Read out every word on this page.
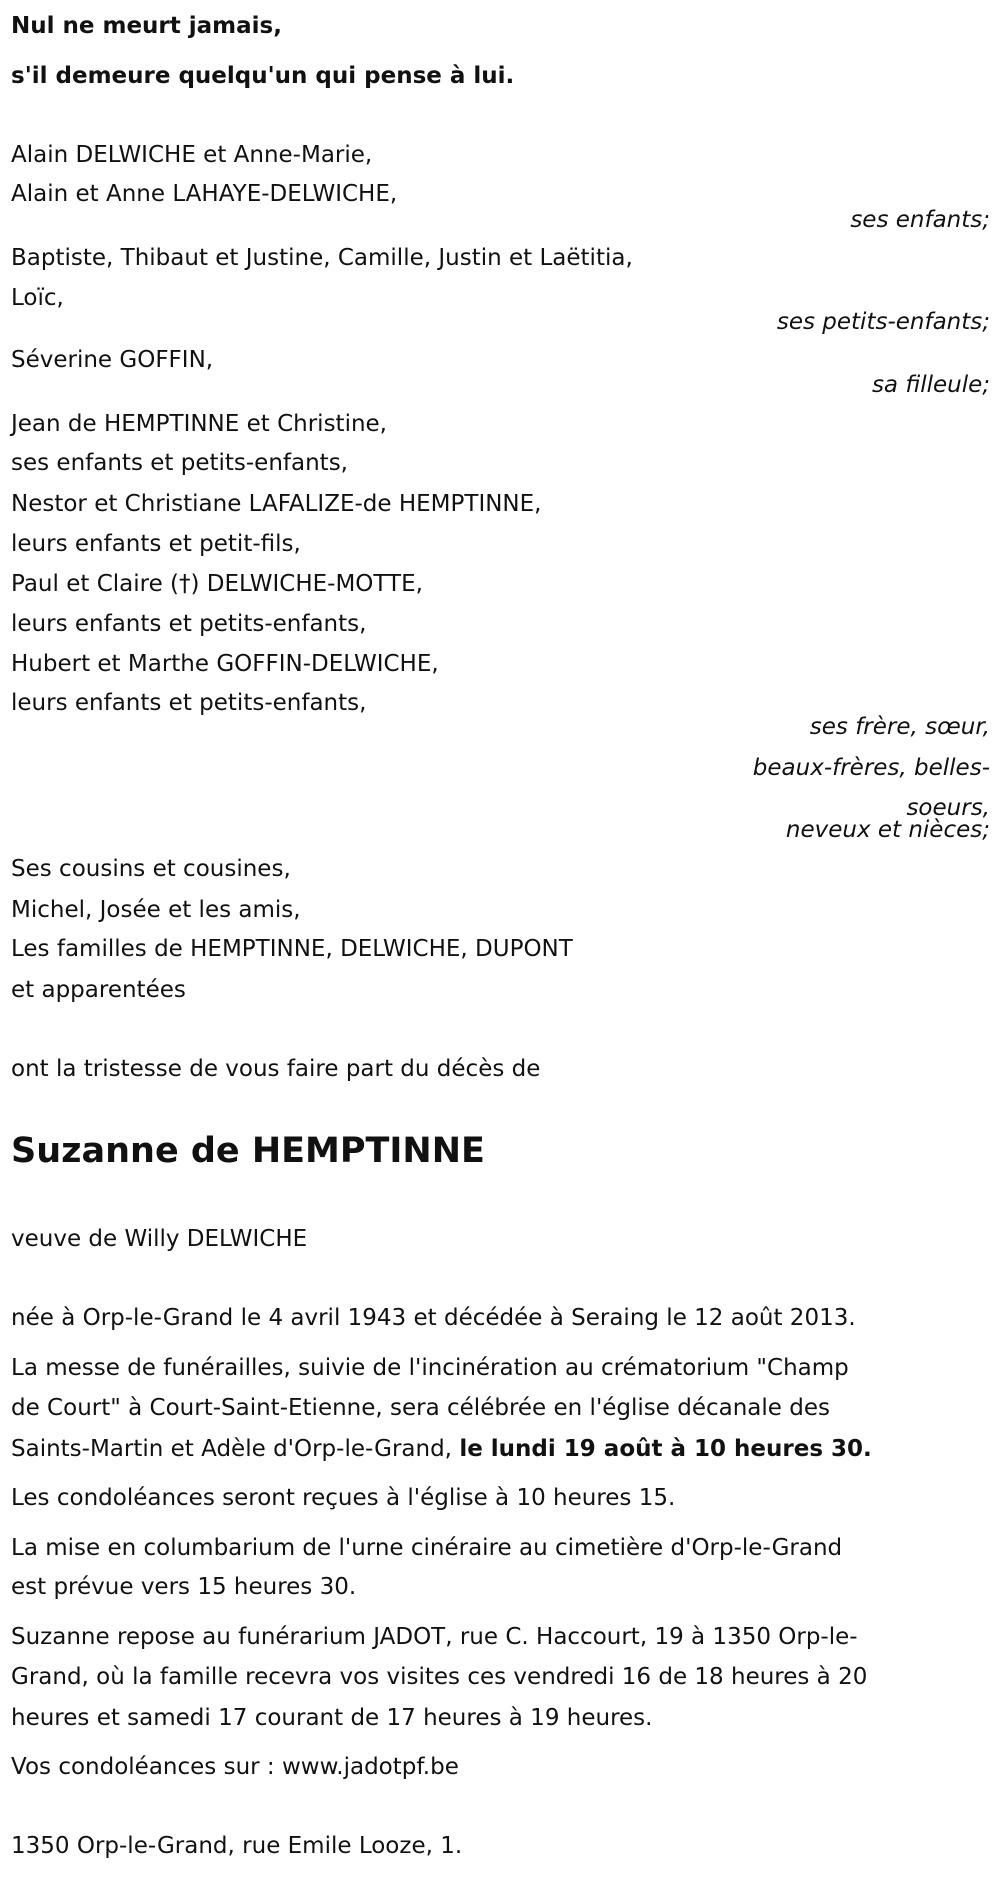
Nul ne meurt jamais,
s'il demeure quelqu'un qui pense à lui.
Alain DELWICHE et Anne-Marie,
Alain et Anne LAHAYE-DELWICHE,
ses enfants;
Baptiste, Thibaut et Justine, Camille, Justin et Laëtitia,
Loïc,
ses petits-enfants;
Séverine GOFFIN,
sa filleule;
Jean de HEMPTINNE et Christine,
ses enfants et petits-enfants,
Nestor et Christiane LAFALIZE-de HEMPTINNE,
leurs enfants et petit-fils,
Paul et Claire (†) DELWICHE-MOTTE,
leurs enfants et petits-enfants,
Hubert et Marthe GOFFIN-DELWICHE,
leurs enfants et petits-enfants,
ses frère, sœur,
beaux-frères, belles-
soeurs,
neveux et nièces;
Ses cousins et cousines,
Michel, Josée et les amis,
Les familles de HEMPTINNE, DELWICHE, DUPONT
et apparentées
ont la tristesse de vous faire part du décès de
Suzanne de HEMPTINNE
veuve de Willy DELWICHE
née à Orp-le-Grand le 4 avril 1943 et décédée à Seraing le 12 août 2013.
La messe de funérailles, suivie de l'incinération au crématorium "Champ
de Court" à Court-Saint-Etienne, sera célébrée en l'église décanale des
Saints-Martin et Adèle d'Orp-le-Grand, le lundi 19 août à 10 heures 30.
Les condoléances seront reçues à l'église à 10 heures 15.
La mise en columbarium de l'urne cinéraire au cimetière d'Orp-le-Grand
est prévue vers 15 heures 30.
Suzanne repose au funérarium JADOT, rue C. Haccourt, 19 à 1350 Orp-le-
Grand, où la famille recevra vos visites ces vendredi 16 de 18 heures à 20
heures et samedi 17 courant de 17 heures à 19 heures.
Vos condoléances sur : www.jadotpf.be
1350 Orp-le-Grand, rue Emile Looze, 1.
